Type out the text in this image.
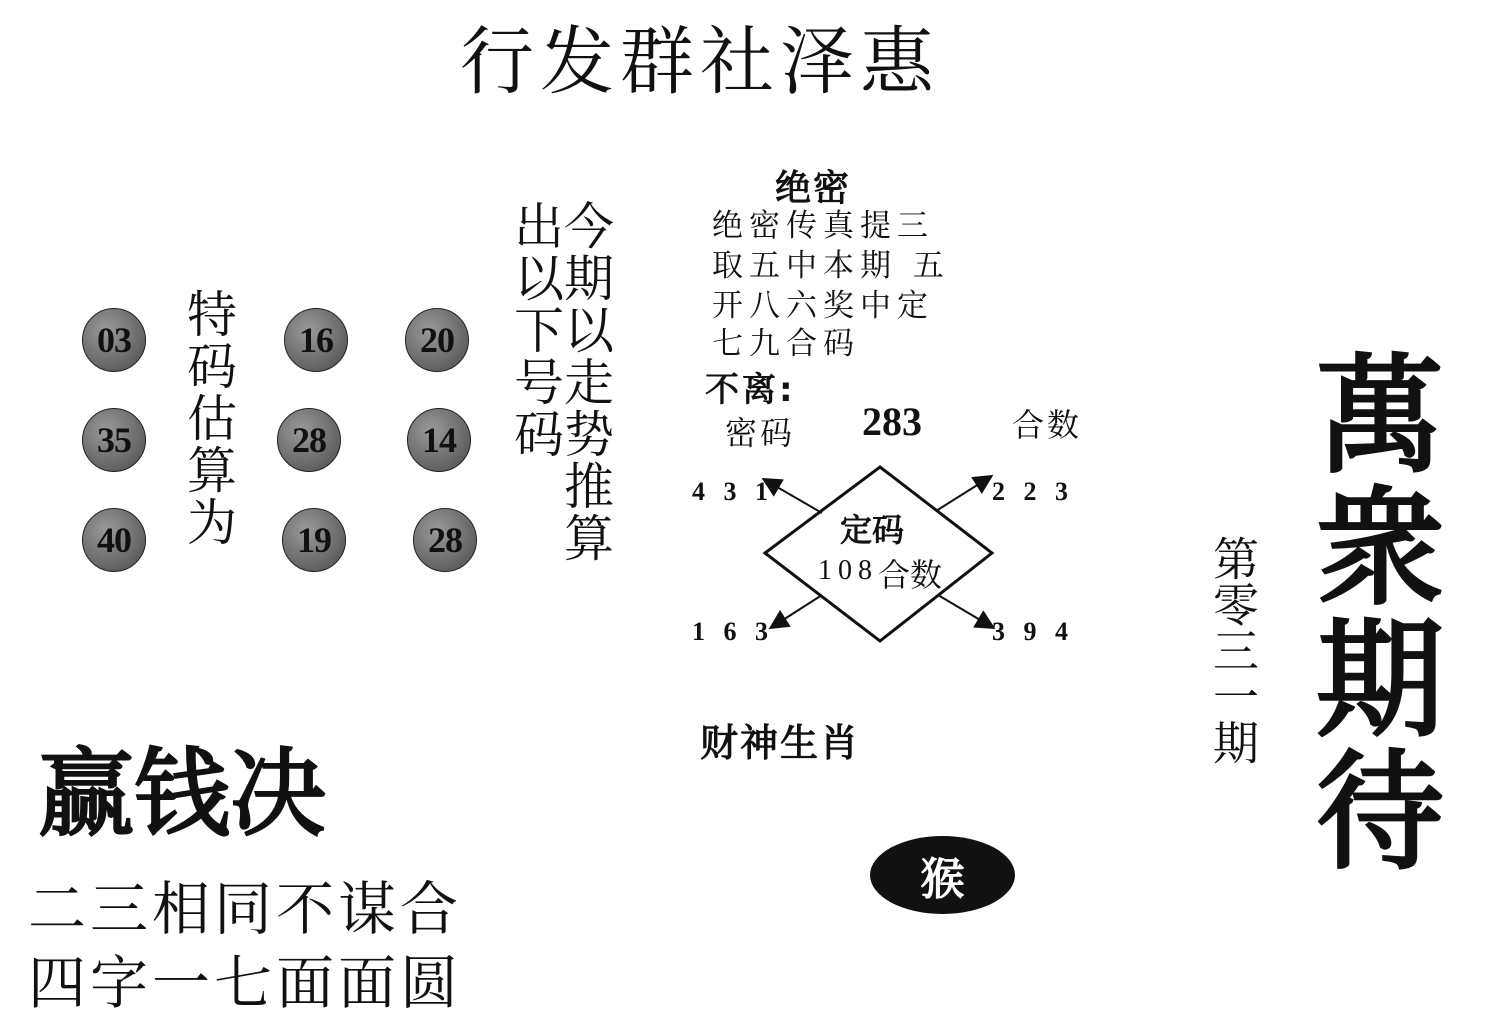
行发群社泽惠
03	16	20
35	28	14
40	19	28
特码估算为	今期以走势推算
出以下号码
绝密
绝密传真提三
取五中本期 五
开八六奖中定
七九合码
不离:
密码 283	合数
定码
108 合数
4 3 1	2 2 3
1 6 3	3 9 4
赢钱决
二三相同不谋合
四字一七面面圆
财神生肖
猴
萬衆期待
第零三一期
